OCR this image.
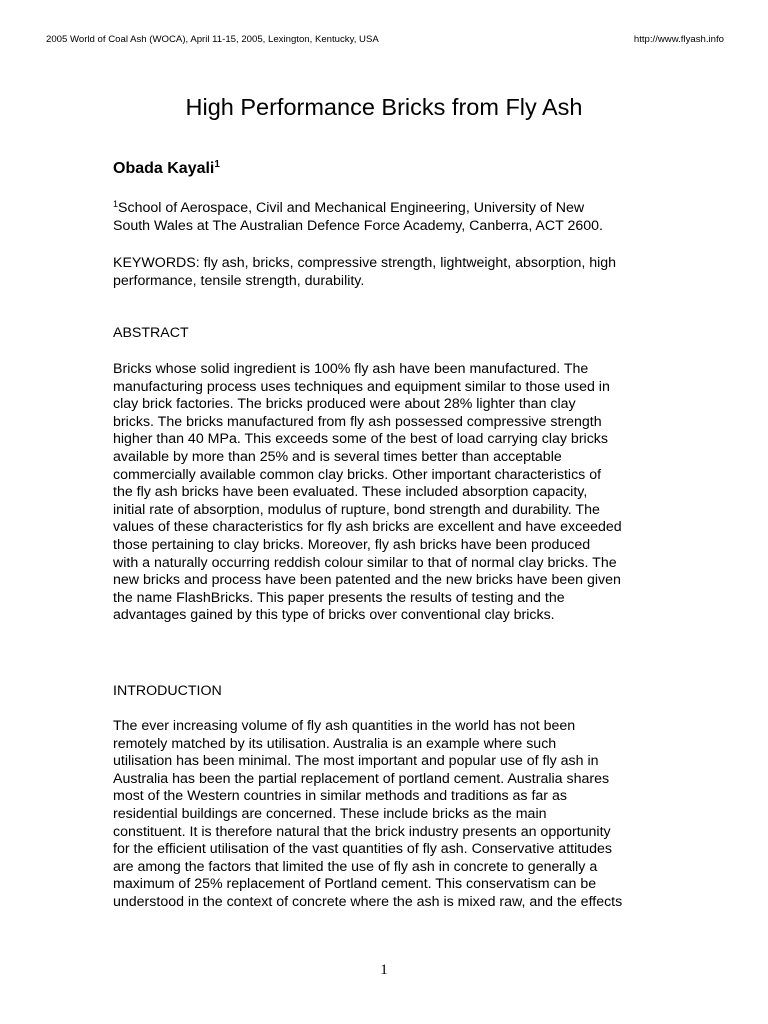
2005 World of Coal Ash (WOCA), April 11-15, 2005, Lexington, Kentucky, USA	http://www.flyash.info
High Performance Bricks from Fly Ash
Obada Kayali$^1$
$^1$School of Aerospace, Civil and Mechanical Engineering, University of New
South Wales at The Australian Defence Force Academy, Canberra, ACT 2600.
KEYWORDS: fly ash, bricks, compressive strength, lightweight, absorption, high
performance, tensile strength, durability.
ABSTRACT
Bricks whose solid ingredient is 100% fly ash have been manufactured. The
manufacturing process uses techniques and equipment similar to those used in
clay brick factories. The bricks produced were about 28% lighter than clay
bricks. The bricks manufactured from fly ash possessed compressive strength
higher than 40 MPa. This exceeds some of the best of load carrying clay bricks
available by more than 25% and is several times better than acceptable
commercially available common clay bricks. Other important characteristics of
the fly ash bricks have been evaluated. These included absorption capacity,
initial rate of absorption, modulus of rupture, bond strength and durability. The
values of these characteristics for fly ash bricks are excellent and have exceeded
those pertaining to clay bricks. Moreover, fly ash bricks have been produced
with a naturally occurring reddish colour similar to that of normal clay bricks. The
new bricks and process have been patented and the new bricks have been given
the name FlashBricks. This paper presents the results of testing and the
advantages gained by this type of bricks over conventional clay bricks.
INTRODUCTION
The ever increasing volume of fly ash quantities in the world has not been
remotely matched by its utilisation. Australia is an example where such
utilisation has been minimal. The most important and popular use of fly ash in
Australia has been the partial replacement of portland cement. Australia shares
most of the Western countries in similar methods and traditions as far as
residential buildings are concerned. These include bricks as the main
constituent. It is therefore natural that the brick industry presents an opportunity
for the efficient utilisation of the vast quantities of fly ash. Conservative attitudes
are among the factors that limited the use of fly ash in concrete to generally a
maximum of 25% replacement of Portland cement. This conservatism can be
understood in the context of concrete where the ash is mixed raw, and the effects
1
